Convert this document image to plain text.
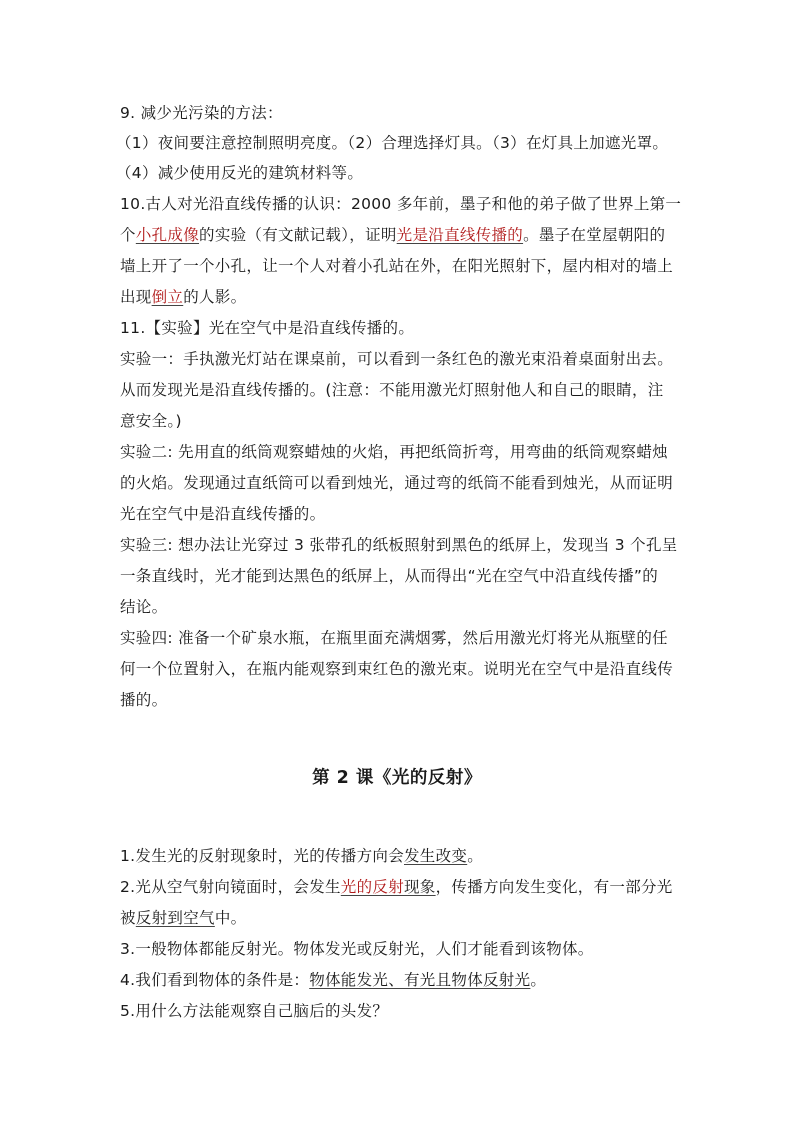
9. 减少光污染的方法：
（1）夜间要注意控制照明亮度。（2）合理选择灯具。（3）在灯具上加遮光罩。
（4）减少使用反光的建筑材料等。
10.古人对光沿直线传播的认识：2000 多年前，墨子和他的弟子做了世界上第一
个小孔成像的实验（有文献记载），证明光是沿直线传播的。墨子在堂屋朝阳的
墙上开了一个小孔，让一个人对着小孔站在外，在阳光照射下，屋内相对的墙上
出现倒立的人影。
11.【实验】光在空气中是沿直线传播的。
实验一：手执激光灯站在课桌前，可以看到一条红色的激光束沿着桌面射出去。
从而发现光是沿直线传播的。(注意：不能用激光灯照射他人和自己的眼睛，注
意安全。)
实验二: 先用直的纸筒观察蜡烛的火焰，再把纸筒折弯，用弯曲的纸筒观察蜡烛
的火焰。发现通过直纸筒可以看到烛光，通过弯的纸筒不能看到烛光，从而证明
光在空气中是沿直线传播的。
实验三: 想办法让光穿过 3 张带孔的纸板照射到黑色的纸屏上，发现当 3 个孔呈
一条直线时，光才能到达黑色的纸屏上，从而得出“光在空气中沿直线传播”的
结论。
实验四: 准备一个矿泉水瓶，在瓶里面充满烟雾，然后用激光灯将光从瓶壁的任
何一个位置射入，在瓶内能观察到束红色的激光束。说明光在空气中是沿直线传
播的。
第 2 课《光的反射》
1.发生光的反射现象时，光的传播方向会发生改变。
2.光从空气射向镜面时，会发生光的反射现象，传播方向发生变化，有一部分光
被反射到空气中。
3.一般物体都能反射光。物体发光或反射光，人们才能看到该物体。
4.我们看到物体的条件是：物体能发光、有光且物体反射光。
5.用什么方法能观察自己脑后的头发？
